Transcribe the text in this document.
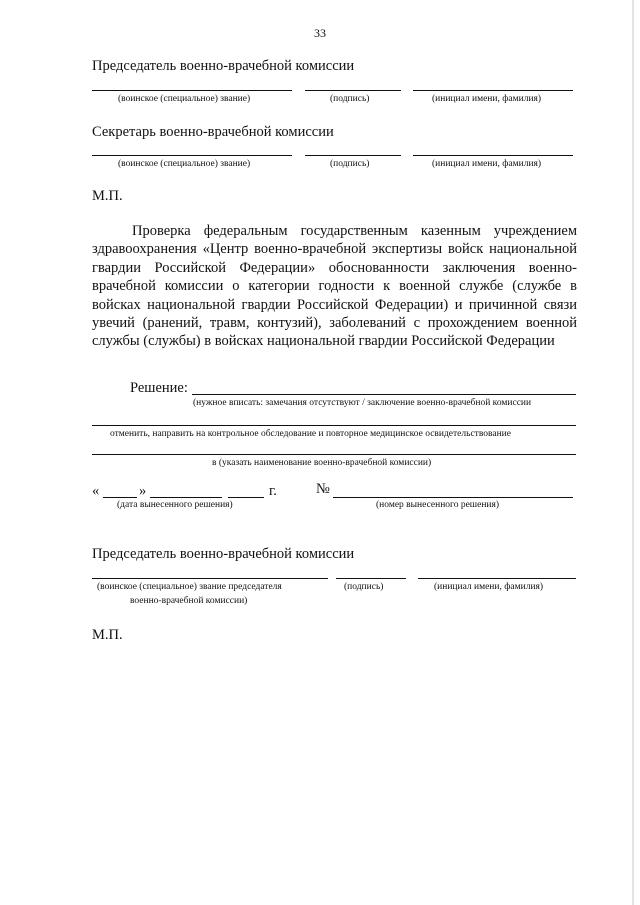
33
Председатель военно-врачебной комиссии
(воинское (специальное) звание)	(подпись)	(инициал имени, фамилия)
Секретарь военно-врачебной комиссии
(воинское (специальное) звание)	(подпись)	(инициал имени, фамилия)
М.П.
Проверка федеральным государственным казенным учреждением здравоохранения «Центр военно-врачебной экспертизы войск национальной гвардии Российской Федерации» обоснованности заключения военно-врачебной комиссии о категории годности к военной службе (службе в войсках национальной гвардии Российской Федерации) и причинной связи увечий (ранений, травм, контузий), заболеваний с прохождением военной службы (службы) в войсках национальной гвардии Российской Федерации
Решение:
(нужное вписать: замечания отсутствуют / заключение военно-врачебной комиссии
отменить, направить на контрольное обследование и повторное медицинское освидетельствование
в (указать наименование военно-врачебной комиссии)
«	»	г.	№
(дата вынесенного решения)	(номер вынесенного решения)
Председатель военно-врачебной комиссии
(воинское (специальное) звание председателя
военно-врачебной комиссии)
(подпись)	(инициал имени, фамилия)
М.П.
